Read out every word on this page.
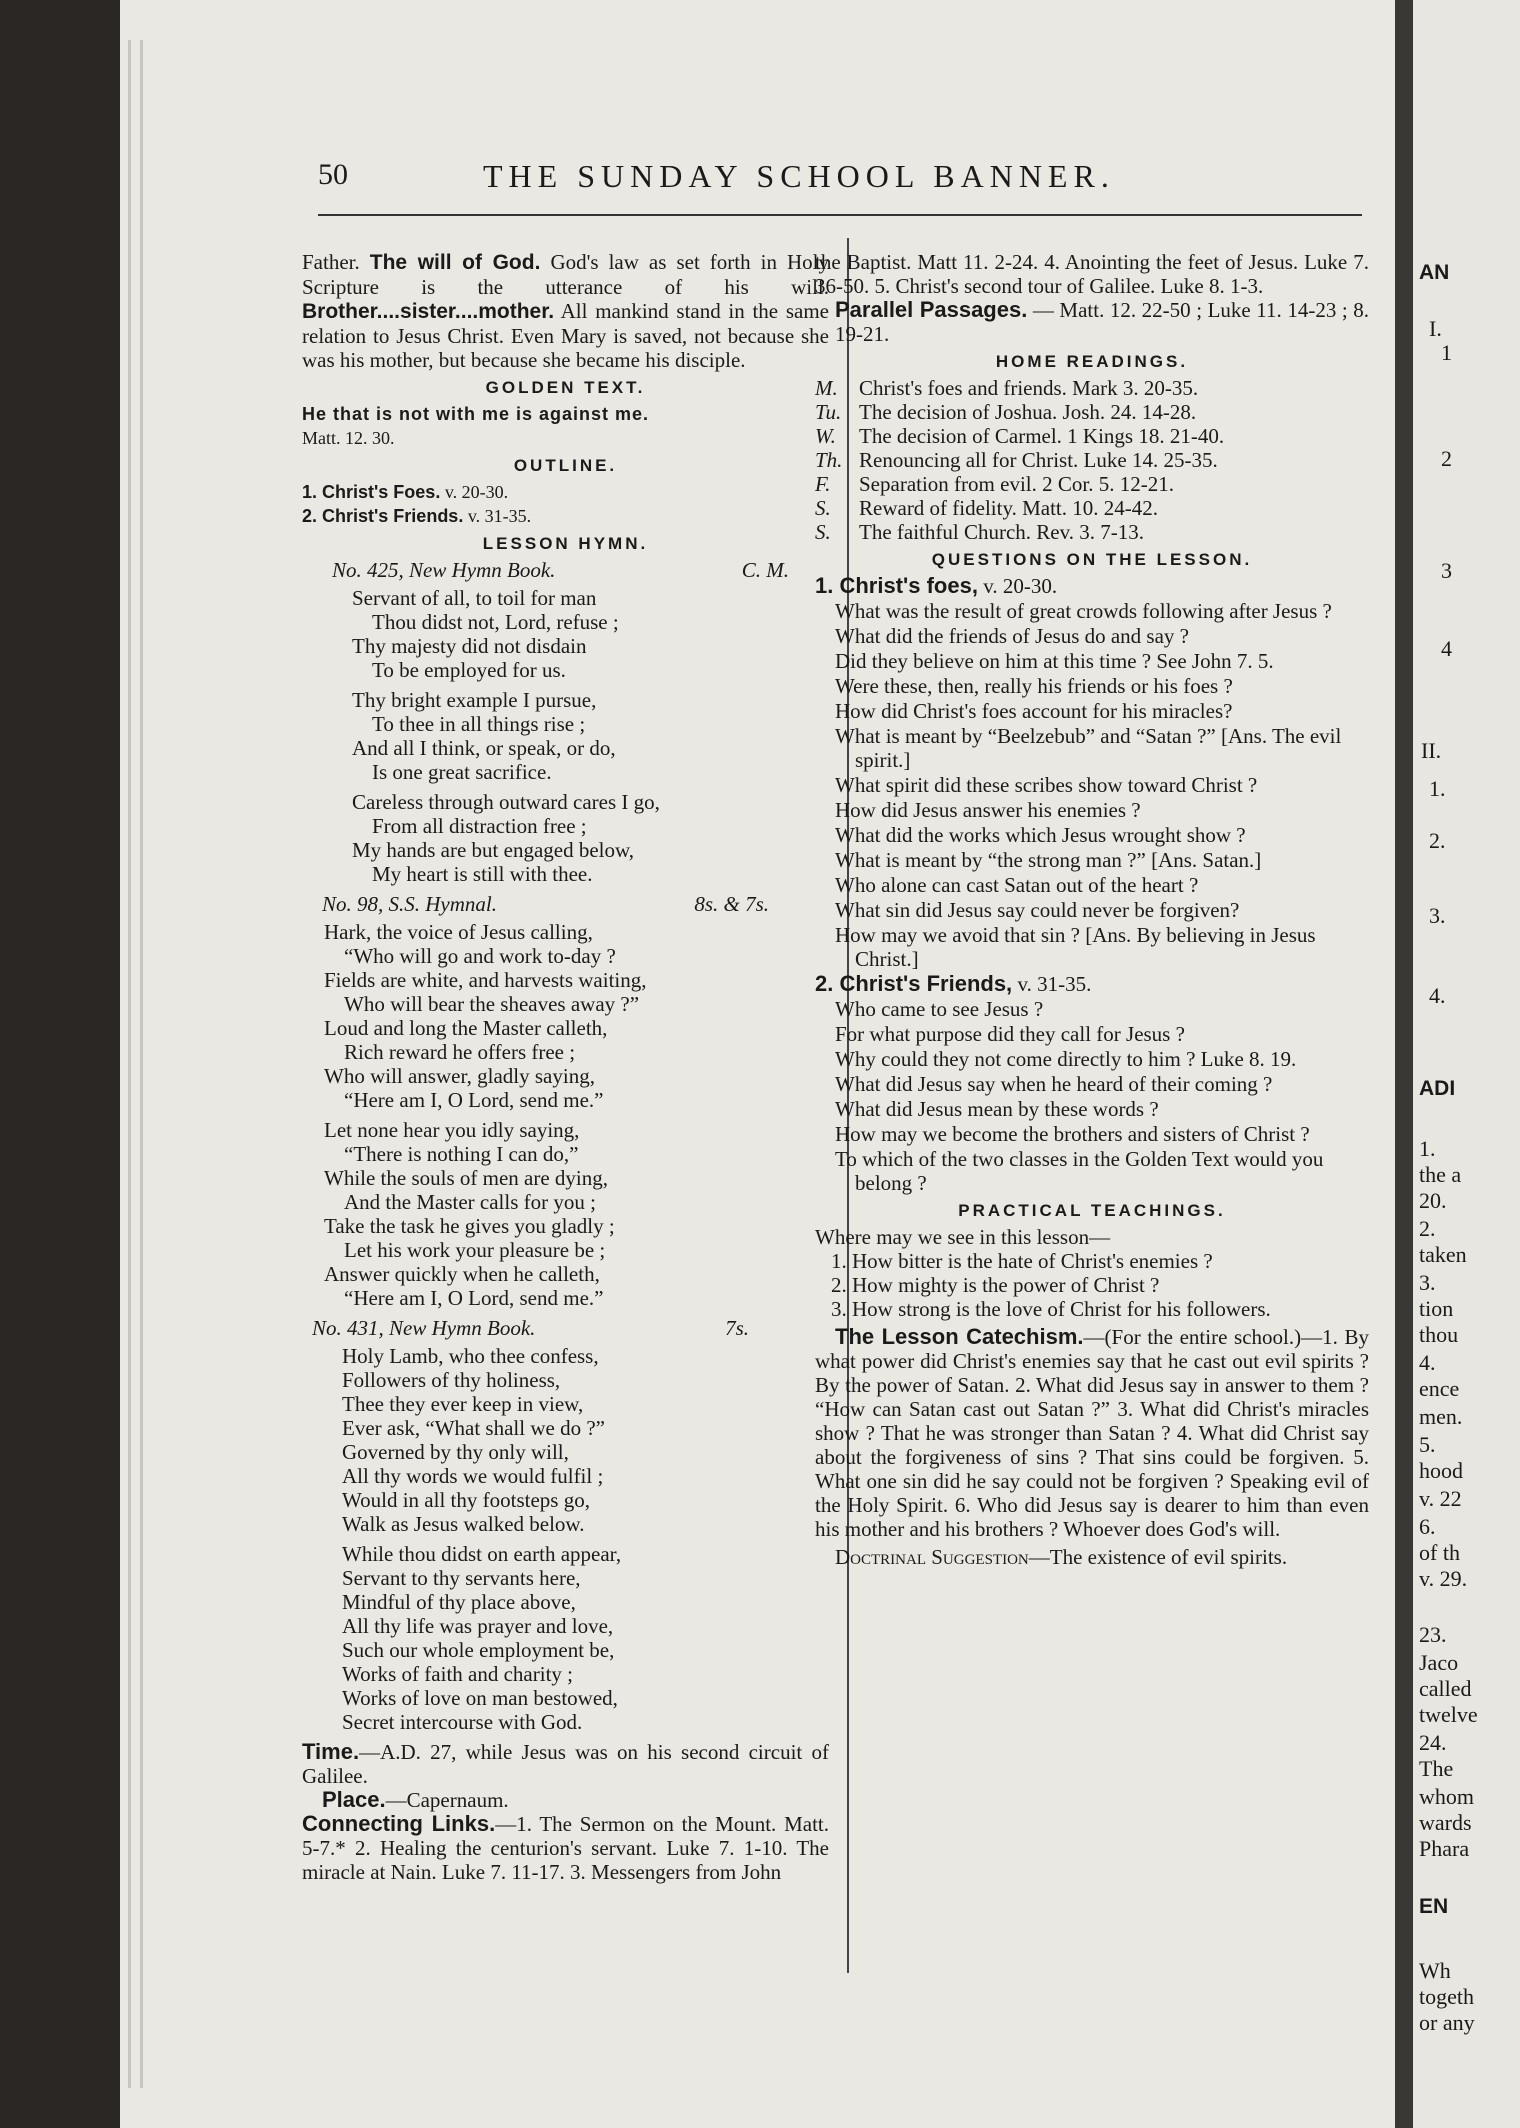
AN
I.
1
2
3
4
II.
1.
2.
3.
4.
ADI
1.
the a
20.
2.
taken
3.
tion
thou
4.
ence
men.
5.
hood
v. 22
6.
of th
v. 29.
23.
Jaco
called
twelve
24.
The
whom
wards
Phara
EN
Wh
togeth
or any
50	THE SUNDAY SCHOOL BANNER.

Father. The will of God. God's law as set forth in Holy Scripture is the utterance of his will. Brother....sister....mother. All mankind stand in the same relation to Jesus Christ. Even Mary is saved, not because she was his mother, but because she became his disciple.

GOLDEN TEXT.
He that is not with me is against me.
Matt. 12. 30.
OUTLINE.
1. Christ's Foes. v. 20-30.
2. Christ's Friends. v. 31-35.
LESSON HYMN.
No. 425, New Hymn Book.	C. M.
Servant of all, to toil for man
Thou didst not, Lord, refuse ;
Thy majesty did not disdain
To be employed for us.
Thy bright example I pursue,
To thee in all things rise ;
And all I think, or speak, or do,
Is one great sacrifice.
Careless through outward cares I go,
From all distraction free ;
My hands are but engaged below,
My heart is still with thee.
No. 98, S.S. Hymnal.	8s. & 7s.
Hark, the voice of Jesus calling,
“Who will go and work to-day ?
Fields are white, and harvests waiting,
Who will bear the sheaves away ?”
Loud and long the Master calleth,
Rich reward he offers free ;
Who will answer, gladly saying,
“Here am I, O Lord, send me.”
Let none hear you idly saying,
“There is nothing I can do,”
While the souls of men are dying,
And the Master calls for you ;
Take the task he gives you gladly ;
Let his work your pleasure be ;
Answer quickly when he calleth,
“Here am I, O Lord, send me.”
No. 431, New Hymn Book.	7s.
Holy Lamb, who thee confess,
Followers of thy holiness,
Thee they ever keep in view,
Ever ask, “What shall we do ?”
Governed by thy only will,
All thy words we would fulfil ;
Would in all thy footsteps go,
Walk as Jesus walked below.
While thou didst on earth appear,
Servant to thy servants here,
Mindful of thy place above,
All thy life was prayer and love,
Such our whole employment be,
Works of faith and charity ;
Works of love on man bestowed,
Secret intercourse with God.

Time.—A.D. 27, while Jesus was on his second circuit of Galilee.

Place.—Capernaum.

Connecting Links.—1. The Sermon on the Mount. Matt. 5-7.* 2. Healing the centurion's servant. Luke 7. 1-10. The miracle at Nain. Luke 7. 11-17. 3. Messengers from John

the Baptist. Matt 11. 2-24. 4. Anointing the feet of Jesus. Luke 7. 36-50. 5. Christ's second tour of Galilee. Luke 8. 1-3.

Parallel Passages. — Matt. 12. 22-50 ; Luke 11. 14-23 ; 8. 19-21.

HOME READINGS.
M.	Christ's foes and friends. Mark 3. 20-35.
Tu. The decision of Joshua. Josh. 24. 14-28.
W.	The decision of Carmel. 1 Kings 18. 21-40.
Th. Renouncing all for Christ. Luke 14. 25-35.
F.	Separation from evil. 2 Cor. 5. 12-21.
S.	Reward of fidelity. Matt. 10. 24-42.
S.	The faithful Church. Rev. 3. 7-13.
QUESTIONS ON THE LESSON.
1. Christ's foes, v. 20-30.
What was the result of great crowds following after Jesus ?
What did the friends of Jesus do and say ?
Did they believe on him at this time ? See John 7. 5.
Were these, then, really his friends or his foes ?
How did Christ's foes account for his miracles?
What is meant by “Beelzebub” and “Satan ?” [Ans. The evil spirit.]
What spirit did these scribes show toward Christ ?
How did Jesus answer his enemies ?
What did the works which Jesus wrought show ?
What is meant by “the strong man ?” [Ans. Satan.]
Who alone can cast Satan out of the heart ?
What sin did Jesus say could never be forgiven?
How may we avoid that sin ? [Ans. By believing in Jesus Christ.]
2. Christ's Friends, v. 31-35.
Who came to see Jesus ?
For what purpose did they call for Jesus ?
Why could they not come directly to him ? Luke 8. 19.
What did Jesus say when he heard of their coming ?
What did Jesus mean by these words ?
How may we become the brothers and sisters of Christ ?
To which of the two classes in the Golden Text would you belong ?
PRACTICAL TEACHINGS.
Where may we see in this lesson—
1. How bitter is the hate of Christ's enemies ?
2. How mighty is the power of Christ ?
3. How strong is the love of Christ for his followers.

The Lesson Catechism.—(For the entire school.)—1. By what power did Christ's enemies say that he cast out evil spirits ? By the power of Satan. 2. What did Jesus say in answer to them ? “How can Satan cast out Satan ?” 3. What did Christ's miracles show ? That he was stronger than Satan ? 4. What did Christ say about the forgiveness of sins ? That sins could be forgiven. 5. What one sin did he say could not be forgiven ? Speaking evil of the Holy Spirit. 6. Who did Jesus say is dearer to him than even his mother and his brothers ? Whoever does God's will.

Doctrinal Suggestion—The existence of evil spirits.
